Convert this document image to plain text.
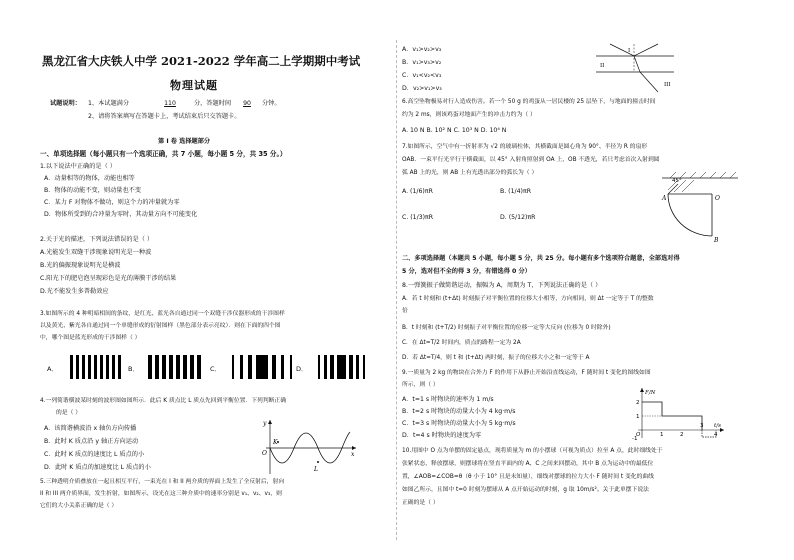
黑龙江省大庆铁人中学 2021-2022 学年高二上学期期中考试
物理试题
试题说明： 1、本试题满分	110	分，答题时间	90	分钟。
2、请将答案填写在答题卡上，考试结束后只交答题卡。
第 I 卷 选择题部分
一、单项选择题（每小题只有一个选项正确，共 7 小题，每小题 5 分，共 35 分。）
1.以下说法中正确的是（ ）
A．动量相等的物体，动能也相等
B．物体的动能不变，则动量也不变
C．某力 F 对物体不做功，则这个力的冲量就为零
D．物体所受到的合冲量为零时，其动量方向不可能变化
2.关于光的描述，下列说法错误的是（ ）
A.光能发生双缝干涉现象说明光是一种波
B.光的偏振现象说明光是横波
C.阳光下的肥皂泡呈现彩色是光的薄膜干涉的结果
D.光不能发生多普勒效应
3.如图所示的 4 种明暗相间的条纹，是红光、蓝光各自通过同一个双缝干涉仪器形成的干涉图样
以及黄光、紫光各自通过同一个单缝形成的衍射图样（黑色部分表示亮纹）．则在下面的四个图
中，哪个图是蓝光形成的干涉图样（ ）
A．	B．	C．	D．
4.一列简谐横波某时刻的波形图如图所示．此后 K 质点比 L 质点先回到平衡位置．下列判断正确
的是（ ）
A．该简谐横波沿 x 轴负方向传播
B．此时 K 质点沿 y 轴正方向运动
C．此时 K 质点的速度比 L 质点的小
D．此时 K 质点的加速度比 L 质点的小
y
x
O
K
L
5.三种透明介质叠放在一起且相互平行，一束光在 I 和 II 两介质的界面上发生了全反射后，射向
II 和 III 两介质界面，发生折射，如图所示，设光在这三种介质中的速率分别是 v₁、v₂、v₃，则
它们的大小关系正确的是（ ）
A．v₁>v₂>v₃
B．v₁>v₃>v₂
C．v₁<v₂<v₃
D．v₂>v₁>v₃
I
II
III
6.高空坠物极易对行人造成伤害。若一个 50 g 的鸡蛋从一居民楼的 25 层坠下，与地面的撞击时间
约为 2 ms，则该鸡蛋对地面产生的冲击力约为（ ）
A. 10 N B. 10² N C. 10³ N D. 10⁴ N
7.如图所示，空气中有一折射率为 √2 的玻璃柱体，其横截面是圆心角为 90°、半径为 R 的扇形
OAB．一束平行光平行于横截面，以 45° 入射角照射到 OA 上，OB 不透光，若只考虑首次入射到圆
弧 AB 上的光，则 AB 上有光透出部分的弧长为（ ）
A. (1/6)πR	B. (1/4)πR
C. (1/3)πR	D. (5/12)πR
45°
A	O
B
二、多项选择题（本题共 5 小题，每小题 5 分，共 25 分。每小题有多个选项符合题意，全部选对得
5 分，选对但不全的得 3 分，有错选得 0 分）
8.一弹簧振子做简谐运动，振幅为 A，周期为 T，下列说法正确的是（ ）
A．若 t 时刻和 (t+Δt) 时刻振子对平衡位置的位移大小相等，方向相同，则 Δt 一定等于 T 的整数
倍
B．t 时刻和 (t+T/2) 时刻振子对平衡位置的位移一定等大反向 (位移为 0 时除外)
C．在 Δt=T/2 时间内，质点的路程一定为 2A
D．若 Δt=T/4，则 t 和 (t+Δt) 两时刻，振子的位移大小之和一定等于 A
9.一质量为 2 kg 的物块在合外力 F 的作用下从静止开始沿直线运动，F 随时间 t 变化的图线如图
所示，则（ ）
A．t=1 s 时物块的速率为 1 m/s
B．t=2 s 时物块的动量大小为 4 kg·m/s
C．t=3 s 时物块的动量大小为 5 kg·m/s
D．t=4 s 时物块的速度为零
F/N
t/s
2
1
-1
O	1	2
3
4
10.用图中 O 点为单摆的固定悬点，现将质量为 m 的小摆球（可视为质点）拉至 A 点，此时细线处于
张紧状态，释放摆球，则摆球将在竖直平面内的 A、C 之间来回摆动，其中 B 点为运动中的最低位
置，∠AOB=∠COB=θ（θ 小于 10° 且是未知量），细线对摆球的拉力大小 F 随时间 t 变化的曲线
如图乙所示，且图中 t=0 时刻为摆球从 A 点开始运动的时刻，g 取 10m/s²。关于此单摆下说法
正确的是（ ）
